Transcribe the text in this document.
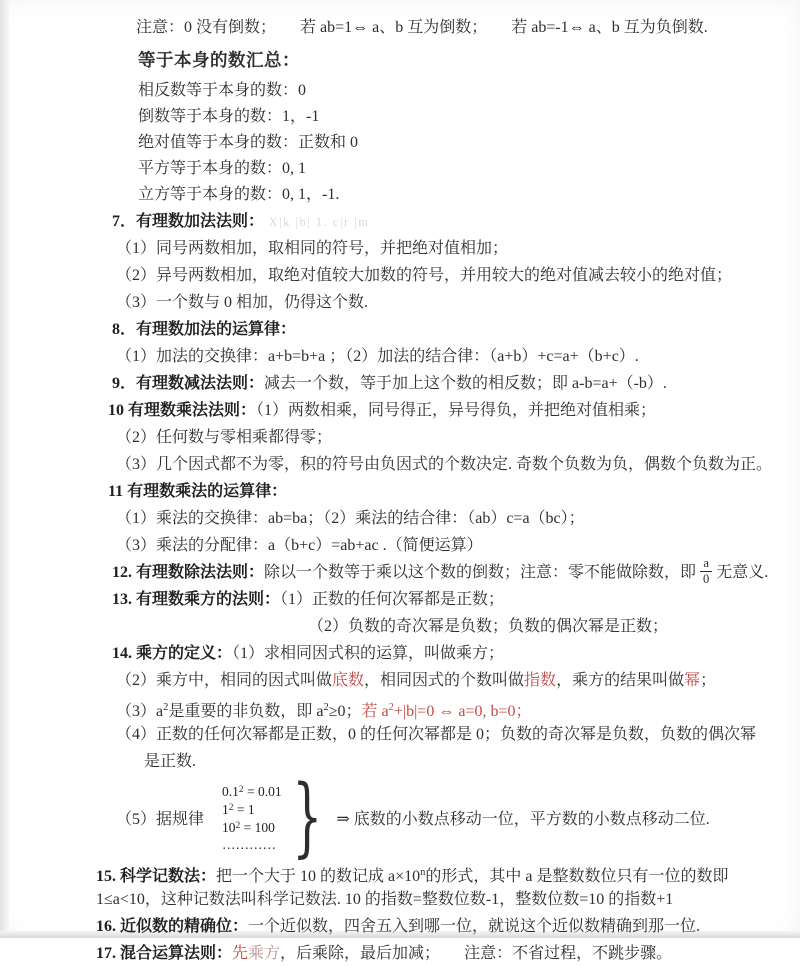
注意：0 没有倒数；　　若 ab=1⇔ a、b 互为倒数；　　若 ab=-1⇔ a、b 互为负倒数.
等于本身的数汇总：
相反数等于本身的数：0
倒数等于本身的数：1，-1
绝对值等于本身的数：正数和 0
平方等于本身的数：0, 1
立方等于本身的数：0, 1，-1.
7．有理数加法法则： X|k |b| 1. c|r |m
（1）同号两数相加，取相同的符号，并把绝对值相加；
（2）异号两数相加，取绝对值较大加数的符号，并用较大的绝对值减去较小的绝对值；
（3）一个数与 0 相加，仍得这个数.
8．有理数加法的运算律：
（1）加法的交换律：a+b=b+a ；（2）加法的结合律：（a+b）+c=a+（b+c）.
9．有理数减法法则：减去一个数，等于加上这个数的相反数；即 a-b=a+（-b）.
10 有理数乘法法则：（1）两数相乘，同号得正，异号得负，并把绝对值相乘；
（2）任何数与零相乘都得零；
（3）几个因式都不为零，积的符号由负因式的个数决定. 奇数个负数为负，偶数个负数为正。
11 有理数乘法的运算律：
（1）乘法的交换律：ab=ba；（2）乘法的结合律：（ab）c=a（bc）；
（3）乘法的分配律：a（b+c）=ab+ac .（简便运算）
12. 有理数除法法则：除以一个数等于乘以这个数的倒数；注意：零不能做除数，即 $\frac{a}{0}$ 无意义.
13. 有理数乘方的法则：（1）正数的任何次幂都是正数；
（2）负数的奇次幂是负数；负数的偶次幂是正数；
14. 乘方的定义：（1）求相同因式积的运算，叫做乘方；
（2）乘方中，相同的因式叫做底数，相同因式的个数叫做指数，乘方的结果叫做幂；
$(3)a^2$是重要的非负数，即 $a^2\ge 0$；若 $a^2+|b|=0$ ⇔ a=0, b=0；
（4）正数的任何次幂都是正数，0 的任何次幂都是 0；负数的奇次幂是负数，负数的偶次幂
是正数.
（5）据规律
$0.1^2 = 0.01$
$1^2 = 1$
$10^2 = 100$
………… } ⇒ 底数的小数点移动一位，平方数的小数点移动二位.
15. 科学记数法：把一个大于 10 的数记成 $a\times 10^n$的形式，其中 a 是整数数位只有一位的数即
1≤a<10，这种记数法叫科学记数法. 10 的指数=整数位数-1，整数位数=10 的指数+1
16. 近似数的精确位：一个近似数，四舍五入到哪一位，就说这个近似数精确到那一位.
17. 混合运算法则：先乘方，后乘除，最后加减；　　注意：不省过程，不跳步骤。
